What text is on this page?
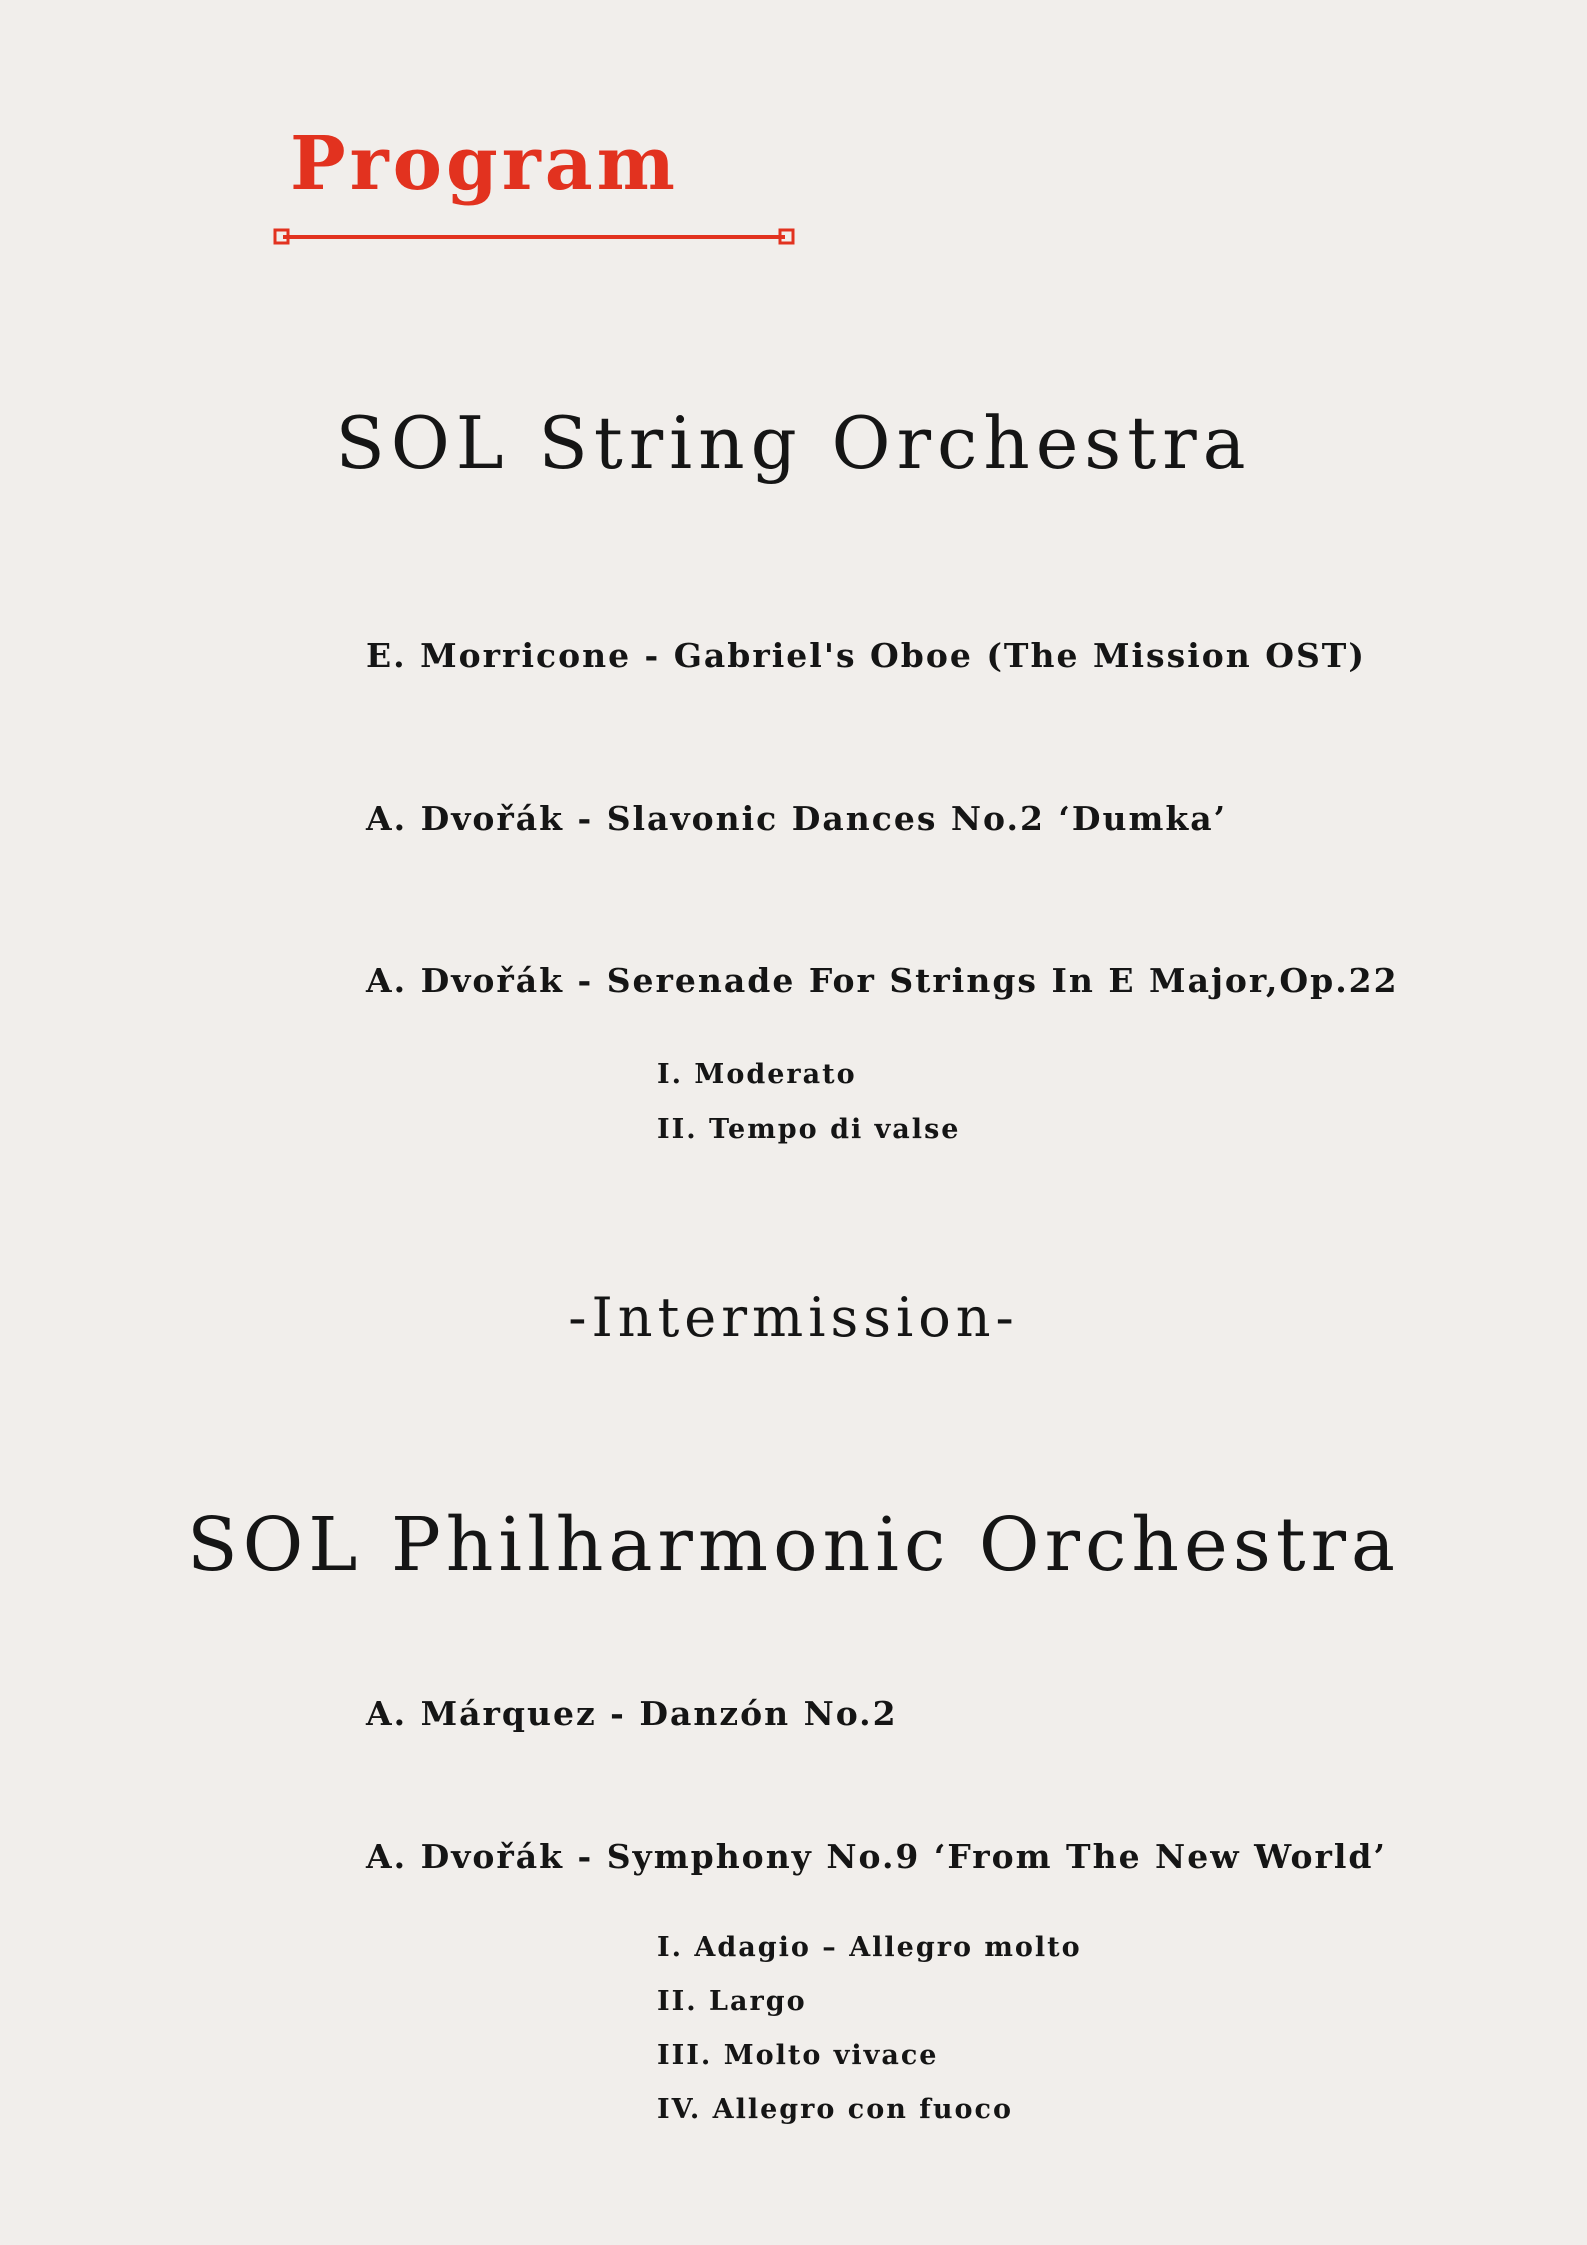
Program
SOL String Orchestra
E. Morricone - Gabriel's Oboe (The Mission OST)
A. Dvořák - Slavonic Dances No.2 ‘Dumka’
A. Dvořák - Serenade For Strings In E Major,Op.22
I. Moderato
II. Tempo di valse
-Intermission-
SOL Philharmonic Orchestra
A. Márquez - Danzón No.2
A. Dvořák - Symphony No.9 ‘From The New World’
I. Adagio – Allegro molto
II. Largo
III. Molto vivace
IV. Allegro con fuoco
